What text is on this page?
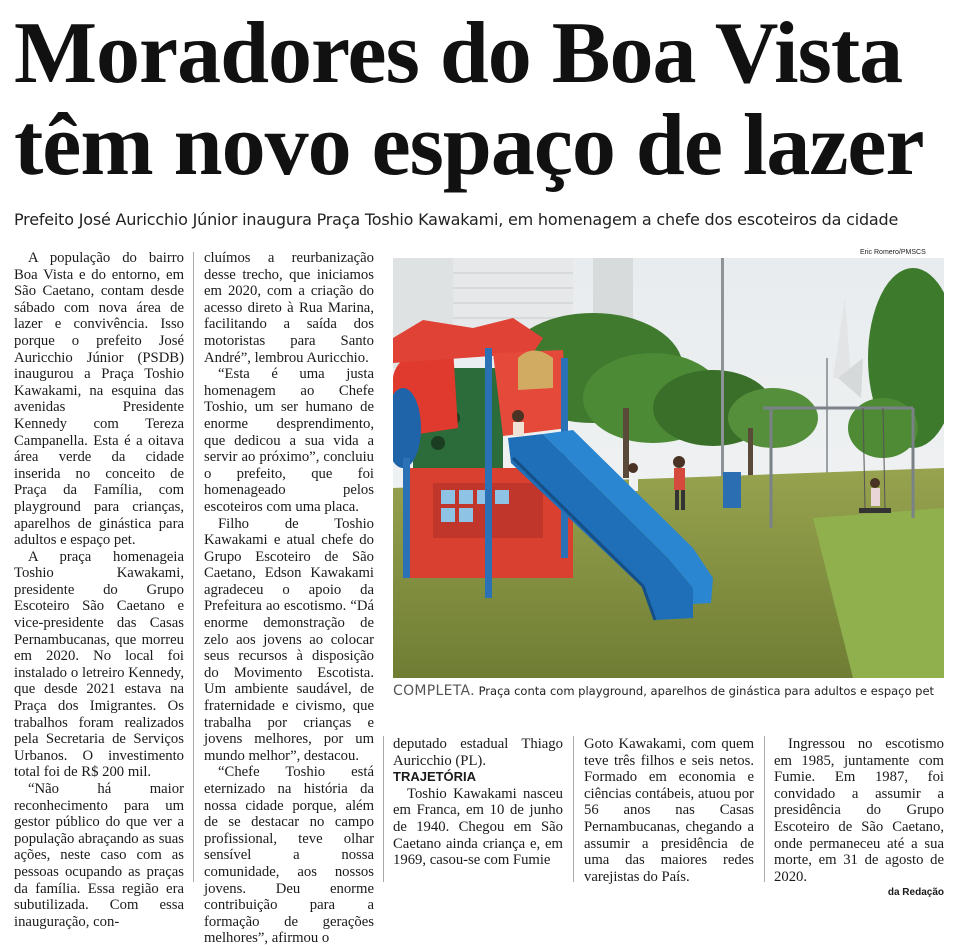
Moradores do Boa Vista
têm novo espaço de lazer

Prefeito José Auricchio Júnior inaugura Praça Toshio Kawakami, em homenagem a chefe dos escoteiros da cidade

A população do bairro Boa Vista e do entorno, em São Caetano, contam desde sábado com nova área de lazer e convivência. Isso porque o prefeito José Auricchio Júnior (PSDB) inaugurou a Praça Toshio Kawakami, na esquina das avenidas Presidente Kennedy com Tereza Campanella. Esta é a oitava área verde da cidade inserida no conceito de Praça da Família, com playground para crianças, aparelhos de ginástica para adultos e espaço pet.

A praça homenageia Toshio Kawakami, presidente do Grupo Escoteiro São Caetano e vice-presidente das Casas Pernambucanas, que morreu em 2020. No local foi instalado o letreiro Kennedy, que desde 2021 estava na Praça dos Imigrantes. Os trabalhos foram realizados pela Secretaria de Serviços Urbanos. O investimento total foi de R$ 200 mil.

“Não há maior reconhecimento para um gestor público do que ver a população abraçando as suas ações, neste caso com as pessoas ocupando as praças da família. Essa região era subutilizada. Com essa inauguração, con-

cluímos a reurbanização desse trecho, que iniciamos em 2020, com a criação do acesso direto à Rua Marina, facilitando a saída dos motoristas para Santo André”, lembrou Auricchio.

“Esta é uma justa homenagem ao Chefe Toshio, um ser humano de enorme desprendimento, que dedicou a sua vida a servir ao próximo”, concluiu o prefeito, que foi homenageado pelos escoteiros com uma placa.

Filho de Toshio Kawakami e atual chefe do Grupo Escoteiro de São Caetano, Edson Kawakami agradeceu o apoio da Prefeitura ao escotismo. “Dá enorme demonstração de zelo aos jovens ao colocar seus recursos à disposição do Movimento Escotista. Um ambiente saudável, de fraternidade e civismo, que trabalha por crianças e jovens melhores, por um mundo melhor”, destacou.

“Chefe Toshio está eternizado na história da nossa cidade porque, além de se destacar no campo profissional, teve olhar sensível a nossa comunidade, aos nossos jovens. Deu enorme contribuição para a formação de gerações melhores”, afirmou o

Eric Romero/PMSCS
COMPLETA. Praça conta com playground, aparelhos de ginástica para adultos e espaço pet

deputado estadual Thiago Auricchio (PL).

TRAJETÓRIA

Toshio Kawakami nasceu em Franca, em 10 de junho de 1940. Chegou em São Caetano ainda criança e, em 1969, casou-se com Fumie

Goto Kawakami, com quem teve três filhos e seis netos. Formado em economia e ciências contábeis, atuou por 56 anos nas Casas Pernambucanas, chegando a assumir a presidência de uma das maiores redes varejistas do País.

Ingressou no escotismo em 1985, juntamente com Fumie. Em 1987, foi convidado a assumir a presidência do Grupo Escoteiro de São Caetano, onde permaneceu até a sua morte, em 31 de agosto de 2020.

da Redação
